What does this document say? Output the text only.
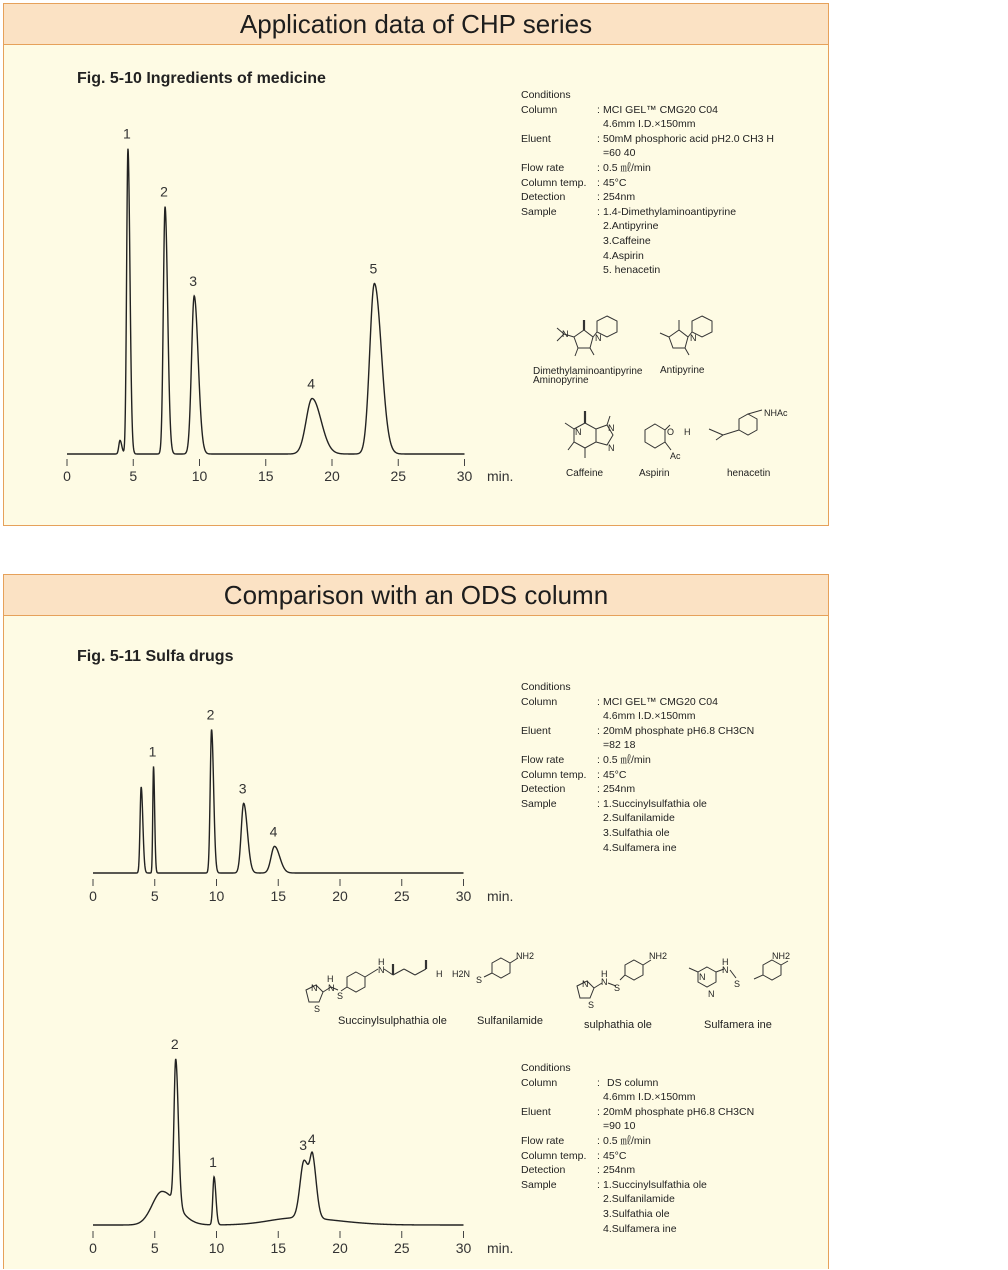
Application data of CHP series
Fig. 5-10 Ingredients of medicine
0	5	10	15	20	25	30 min.
1
2
3
4
5
Conditions
Column	: MCI GEL™ CMG20 C04
4.6mm I.D.×150mm
Eluent	: 50mM phosphoric acid pH2.0 CH3 H
=60 40
Flow rate	: 0.5 ㎖/min
Column temp.	: 45°C
Detection	: 254nm
Sample	: 1.4-Dimethylaminoantipyrine
2.Antipyrine
3.Caffeine
4.Aspirin
5. henacetin
N
N	N
N	N
N
O H
Ac
NHAc
Dimethylaminoantipyrine
Aminopyrine
Antipyrine
Caffeine	Aspirin	henacetin
Comparison with an ODS column
Fig. 5-11 Sulfa drugs
0	5	10	15	20	25	30 min.
1
2
3
4
0	5	10	15	20	25	30 min.
2
1
3 4
Conditions
Column	: MCI GEL™ CMG20 C04
4.6mm I.D.×150mm
Eluent	: 20mM phosphate pH6.8 CH3CN
=82 18
Flow rate	: 0.5 ㎖/min
Column temp.	: 45°C
Detection	: 254nm
Sample	: 1.Succinylsulfathia ole
2.Sulfanilamide
3.Sulfathia ole
4.Sulfamera ine
N
S
H
N
S
H
N	H H2N
S
NH2
N
S
H
N
S
NH2
N
N
H
N
S
NH2
Succinylsulphathia ole	Sulfanilamide	sulphathia ole	Sulfamera ine
Conditions
Column	: DS column
4.6mm I.D.×150mm
Eluent	: 20mM phosphate pH6.8 CH3CN
=90 10
Flow rate	: 0.5 ㎖/min
Column temp.	: 45°C
Detection	: 254nm
Sample	: 1.Succinylsulfathia ole
2.Sulfanilamide
3.Sulfathia ole
4.Sulfamera ine
